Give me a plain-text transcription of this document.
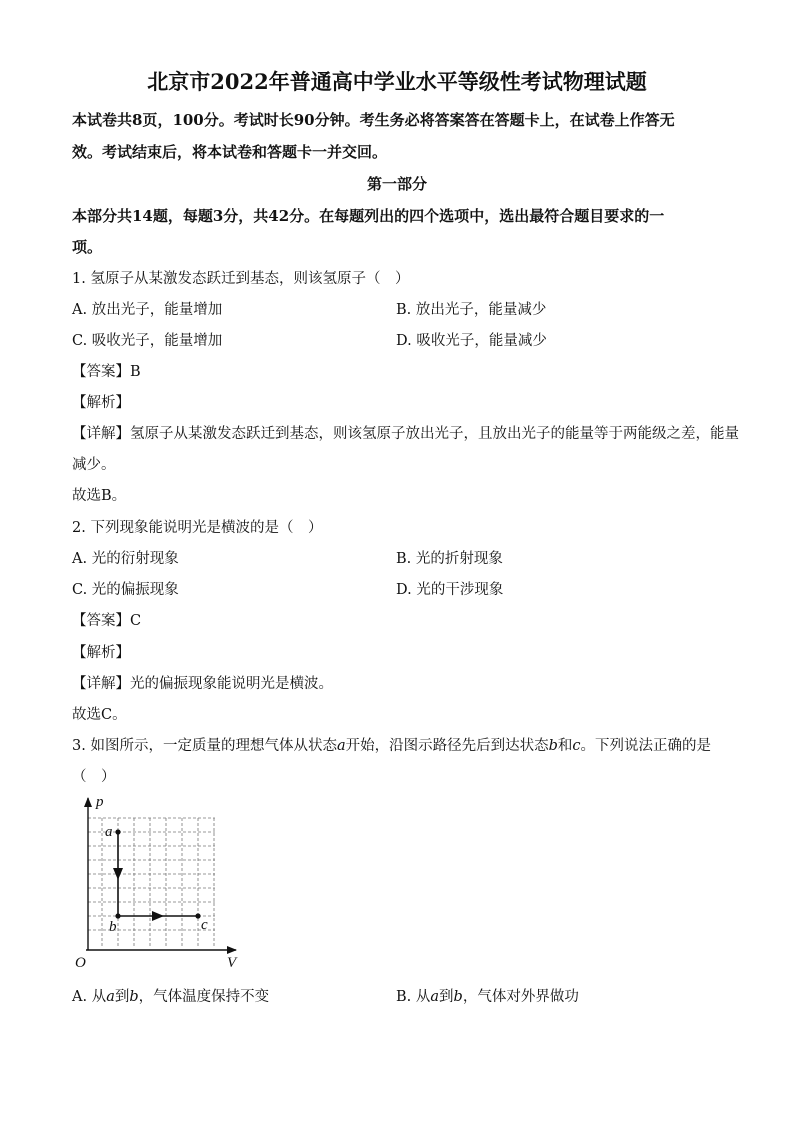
北京市2022年普通高中学业水平等级性考试物理试题
本试卷共8页，100分。考试时长90分钟。考生务必将答案答在答题卡上，在试卷上作答无
效。考试结束后，将本试卷和答题卡一并交回。
第一部分
本部分共14题，每题3分，共42分。在每题列出的四个选项中，选出最符合题目要求的一
项。
1. 氢原子从某激发态跃迁到基态，则该氢原子（　）
A. 放出光子，能量增加	B. 放出光子，能量减少
C. 吸收光子，能量增加	D. 吸收光子，能量减少
【答案】B
【解析】
【详解】氢原子从某激发态跃迁到基态，则该氢原子放出光子，且放出光子的能量等于两能级之差，能量
减少。
故选B。
2. 下列现象能说明光是横波的是（　）
A. 光的衍射现象	B. 光的折射现象
C. 光的偏振现象	D. 光的干涉现象
【答案】C
【解析】
【详解】光的偏振现象能说明光是横波。
故选C。
3. 如图所示，一定质量的理想气体从状态a开始，沿图示路径先后到达状态b和c。下列说法正确的是
（　）
p
V
O
a
b	c
A. 从a到b，气体温度保持不变	B. 从a到b，气体对外界做功
